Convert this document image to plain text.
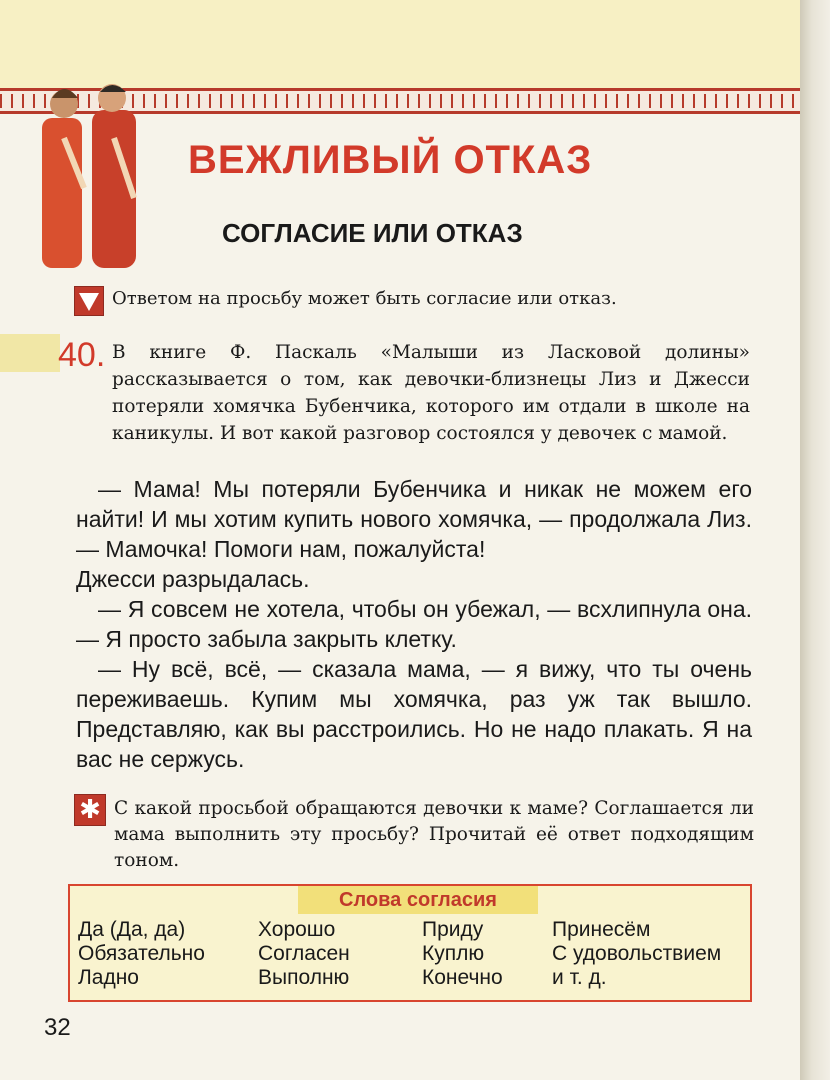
ВЕЖЛИВЫЙ ОТКАЗ
СОГЛАСИЕ ИЛИ ОТКАЗ

Ответом на просьбу может быть согласие или отказ.

40. В книге Ф. Паскаль «Малыши из Ласковой долины» рассказывается о том, как девочки-близнецы Лиз и Джесси потеряли хомячка Бубенчика, которого им отдали в школе на каникулы. И вот какой разговор состоялся у девочек с мамой.

— Мама! Мы потеряли Бубенчика и никак не можем его найти! И мы хотим купить нового хомячка, — продолжала Лиз. — Мамочка! Помоги нам, пожалуйста!

Джесси разрыдалась.

— Я совсем не хотела, чтобы он убежал, — всхлипнула она. — Я просто забыла закрыть клетку.

— Ну всё, всё, — сказала мама, — я вижу, что ты очень переживаешь. Купим мы хомячка, раз уж так вышло. Представляю, как вы расстроились. Но не надо плакать. Я на вас не сержусь.

✱ С какой просьбой обращаются девочки к маме? Соглашается ли мама выполнить эту просьбу? Прочитай её ответ подходящим тоном.

Слова согласия
Да (Да, да)
Обязательно
Ладно
Хорошо
Согласен
Выполню
Приду
Куплю
Конечно
Принесём
С удовольствием
и т. д.
32
